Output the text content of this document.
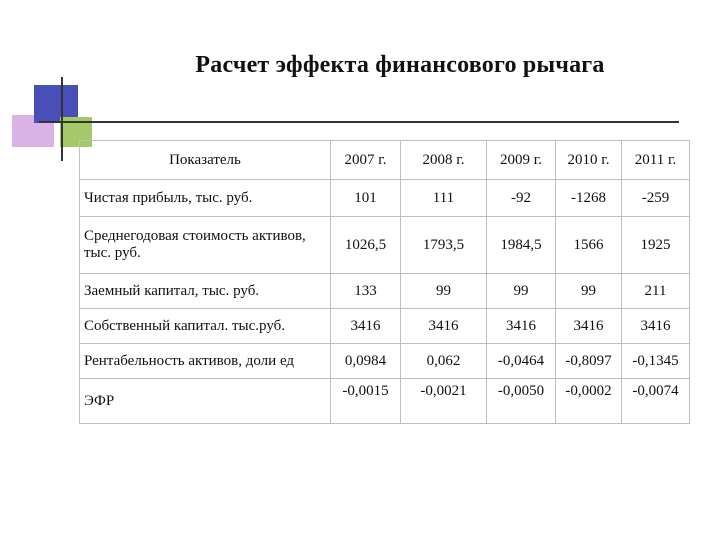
Расчет эффекта финансового рычага
Показатель	2007 г.	2008 г.	2009 г.	2010 г.	2011 г.
Чистая прибыль, тыс. руб.	101	111	-92	-1268	-259
Среднегодовая стоимость активов, тыс. руб.	1026,5	1793,5	1984,5	1566	1925
Заемный капитал, тыс. руб.	133	99	99	99	211
Собственный капитал. тыс.руб.	3416	3416	3416	3416	3416
Рентабельность активов, доли ед	0,0984	0,062	-0,0464	-0,8097	-0,1345
ЭФР	-0,0015	-0,0021	-0,0050	-0,0002	-0,0074
